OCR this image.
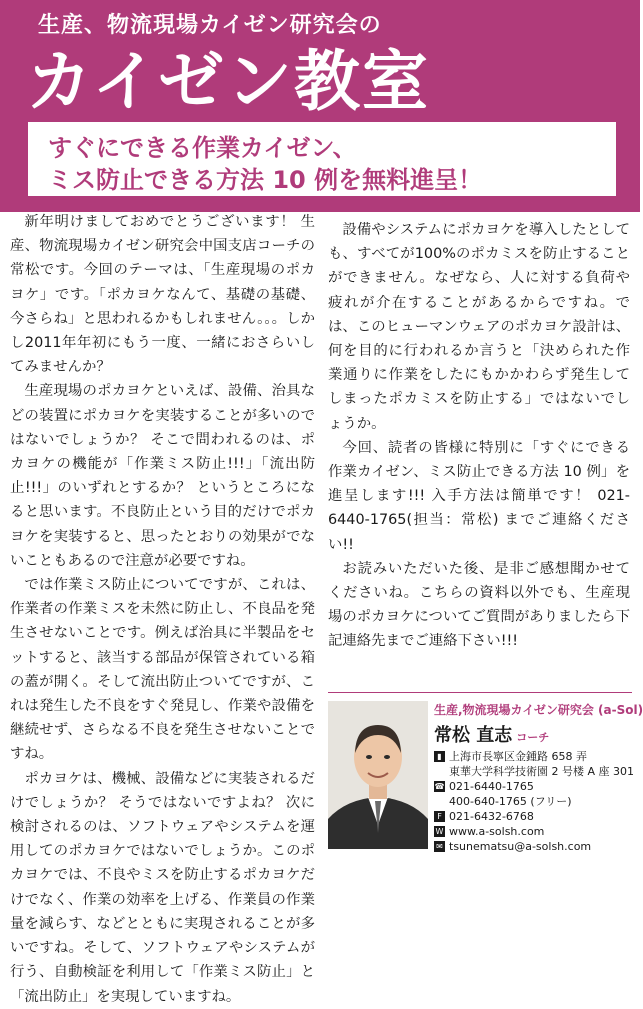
生産、物流現場カイゼン研究会の
カイゼン教室
すぐにできる作業カイゼン、
ミス防止できる方法 10 例を無料進呈！

新年明けましておめでとうございます！ 生産、物流現場カイゼン研究会中国支店コーチの常松です。今回のテーマは、「生産現場のポカヨケ」です。「ポカヨケなんて、基礎の基礎、今さらね」と思われるかもしれません。。。しかし2011年年初にもう一度、一緒におさらいしてみませんか？

生産現場のポカヨケといえば、設備、治具などの装置にポカヨケを実装することが多いのではないでしょうか？ そこで問われるのは、ポカヨケの機能が「作業ミス防止!!!」「流出防止!!!」のいずれとするか？ というところになると思います。不良防止という目的だけでポカヨケを実装すると、思ったとおりの効果がでないこともあるので注意が必要ですね。

では作業ミス防止についてですが、これは、作業者の作業ミスを未然に防止し、不良品を発生させないことです。例えば治具に半製品をセットすると、該当する部品が保管されている箱の蓋が開く。そして流出防止ついてですが、これは発生した不良をすぐ発見し、作業や設備を継続せず、さらなる不良を発生させないことですね。

ポカヨケは、機械、設備などに実装されるだけでしょうか？ そうではないですよね？ 次に検討されるのは、ソフトウェアやシステムを運用してのポカヨケではないでしょうか。このポカヨケでは、不良やミスを防止するポカヨケだけでなく、作業の効率を上げる、作業員の作業量を減らす、などとともに実現されることが多いですね。そして、ソフトウェアやシステムが行う、自動検証を利用して「作業ミス防止」と「流出防止」を実現していますね。

設備やシステムにポカヨケを導入したとしても、すべてが100%のポカミスを防止することができません。なぜなら、人に対する負荷や疲れが介在することがあるからですね。では、このヒューマンウェアのポカヨケ設計は、何を目的に行われるか言うと「決められた作業通りに作業をしたにもかかわらず発生してしまったポカミスを防止する」ではないでしょうか。

今回、読者の皆様に特別に「すぐにできる作業カイゼン、ミス防止できる方法 10 例」を進呈します!!! 入手方法は簡単です！ 021-6440-1765(担当：常松) までご連絡ください!!

お読みいただいた後、是非ご感想聞かせてくださいね。こちらの資料以外でも、生産現場のポカヨケについてご質問がありましたら下記連絡先までご連絡下さい!!!

生産,物流現場カイゼン研究会 (a-Sol)
常松 直志 コーチ
▮ 上海市長寧区金鍾路 658 弄
東華大学科学技術園 2 号楼 A 座 301
☎ 021-6440-1765
400-640-1765 (フリー)
F 021-6432-6768
W www.a-solsh.com
✉ tsunematsu@a-solsh.com
